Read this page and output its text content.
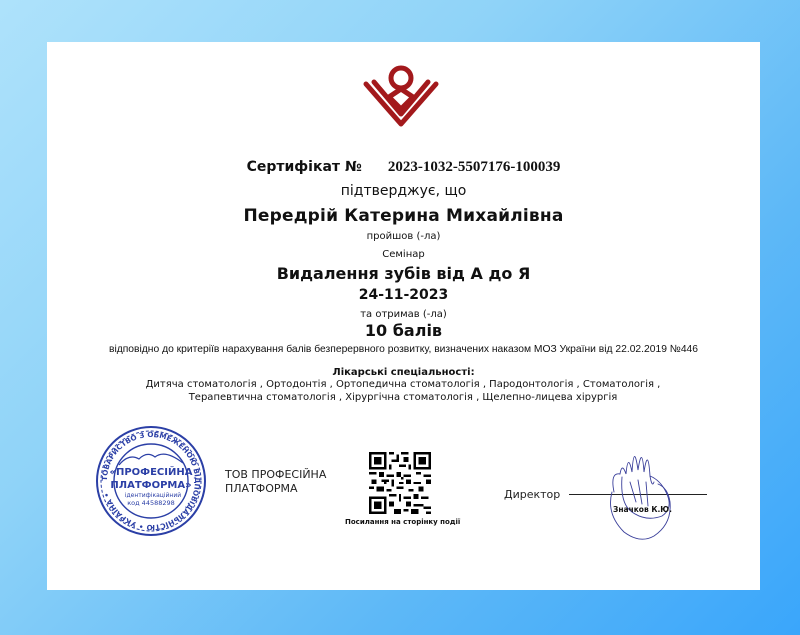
Сертифікат № 2023-1032-5507176-100039
підтверджує, що
Передрій Катерина Михайлівна
пройшов (-ла)
Семінар
Видалення зубів від А до Я
24-11-2023
та отримав (-ла)
10 балів
відповідно до критеріїв нарахування балів безперервного розвитку, визначених наказом МОЗ України від 22.02.2019 №446
Лікарські спеціальності:
Дитяча стоматологія , Ортодонтія , Ортопедична стоматологія , Пародонтологія , Стоматологія , Терапевтична стоматологія , Хірургічна стоматологія , Щелепно-лицева хірургія
ТОВАРИСТВО З ОБМЕЖЕНОЮ ВІДПОВІДАЛЬНІСТЮ • УКРАЇНА •
«ПРОФЕСІЙНА
ПЛАТФОРМА»
ідентифікаційний
код 44588298
ТОВ ПРОФЕСІЙНА
ПЛАТФОРМА
Посилання на сторінку події
Директор
Значков К.Ю.
